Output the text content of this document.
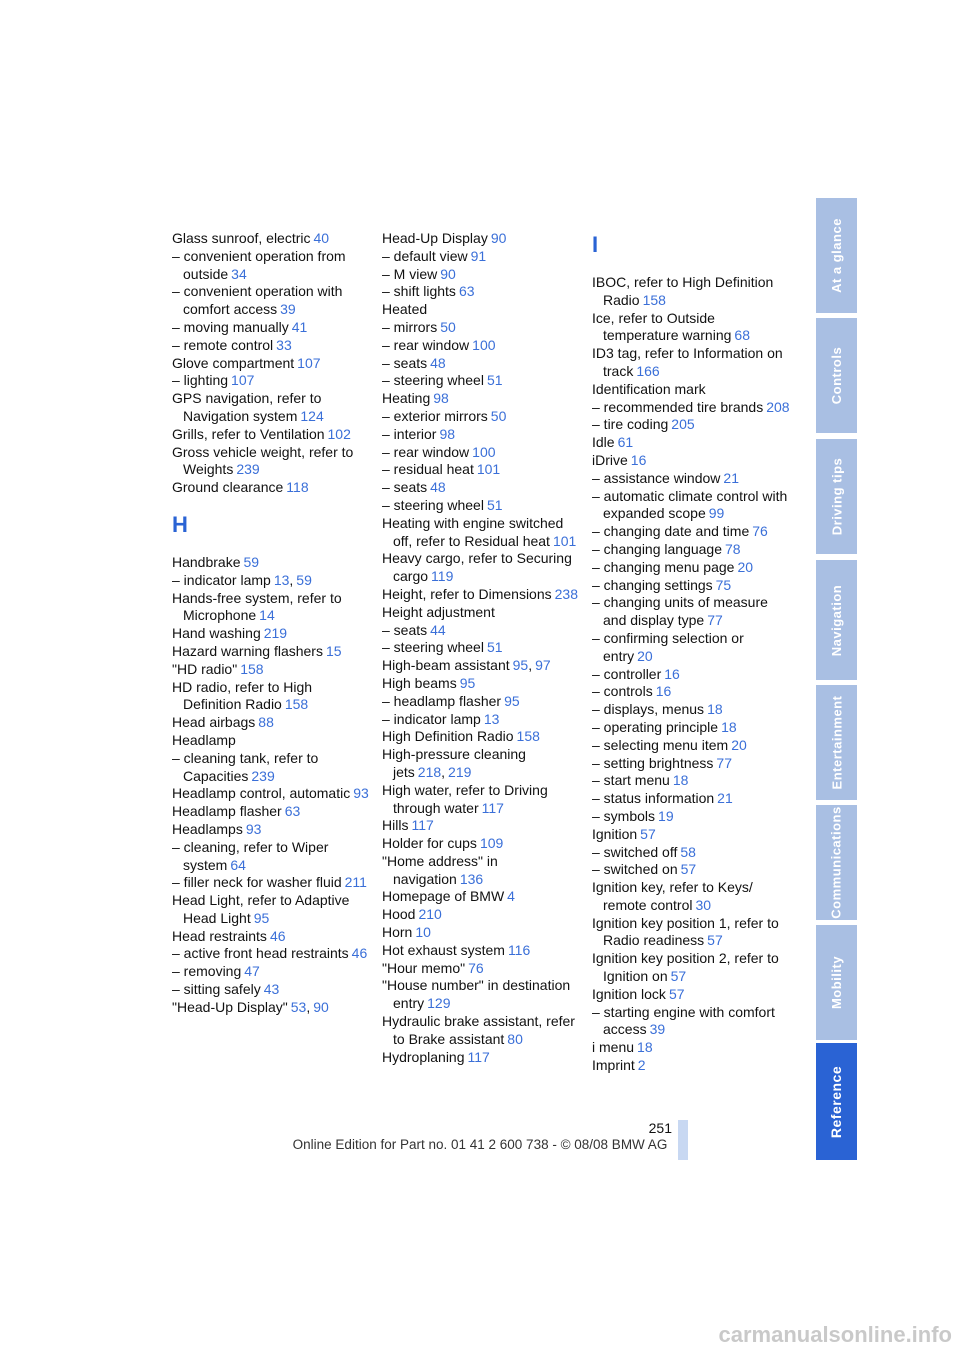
Glass sunroof, electric 40
– convenient operation from outside 34
– convenient operation with comfort access 39
– moving manually 41
– remote control 33
Glove compartment 107
– lighting 107
GPS navigation, refer to Navigation system 124
Grills, refer to Ventilation 102
Gross vehicle weight, refer to Weights 239
Ground clearance 118
H
Handbrake 59
– indicator lamp 13, 59
Hands-free system, refer to Microphone 14
Hand washing 219
Hazard warning flashers 15
"HD radio" 158
HD radio, refer to High Definition Radio 158
Head airbags 88
Headlamp
– cleaning tank, refer to Capacities 239
Headlamp control, automatic 93
Headlamp flasher 63
Headlamps 93
– cleaning, refer to Wiper system 64
– filler neck for washer fluid 211
Head Light, refer to Adaptive Head Light 95
Head restraints 46
– active front head restraints 46
– removing 47
– sitting safely 43
"Head-Up Display" 53, 90
Head-Up Display 90
– default view 91
– M view 90
– shift lights 63
Heated
– mirrors 50
– rear window 100
– seats 48
– steering wheel 51
Heating 98
– exterior mirrors 50
– interior 98
– rear window 100
– residual heat 101
– seats 48
– steering wheel 51
Heating with engine switched off, refer to Residual heat 101
Heavy cargo, refer to Securing cargo 119
Height, refer to Dimensions 238
Height adjustment
– seats 44
– steering wheel 51
High-beam assistant 95, 97
High beams 95
– headlamp flasher 95
– indicator lamp 13
High Definition Radio 158
High-pressure cleaning jets 218, 219
High water, refer to Driving through water 117
Hills 117
Holder for cups 109
"Home address" in navigation 136
Homepage of BMW 4
Hood 210
Horn 10
Hot exhaust system 116
"Hour memo" 76
"House number" in destination entry 129
Hydraulic brake assistant, refer to Brake assistant 80
Hydroplaning 117
I
IBOC, refer to High Definition Radio 158
Ice, refer to Outside temperature warning 68
ID3 tag, refer to Information on track 166
Identification mark
– recommended tire brands 208
– tire coding 205
Idle 61
iDrive 16
– assistance window 21
– automatic climate control with expanded scope 99
– changing date and time 76
– changing language 78
– changing menu page 20
– changing settings 75
– changing units of measure and display type 77
– confirming selection or entry 20
– controller 16
– controls 16
– displays, menus 18
– operating principle 18
– selecting menu item 20
– setting brightness 77
– start menu 18
– status information 21
– symbols 19
Ignition 57
– switched off 58
– switched on 57
Ignition key, refer to Keys/ remote control 30
Ignition key position 1, refer to Radio readiness 57
Ignition key position 2, refer to Ignition on 57
Ignition lock 57
– starting engine with comfort access 39
i menu 18
Imprint 2
At a glance
Controls
Driving tips
Navigation
Entertainment
Communications
Mobility
Reference
251
Online Edition for Part no. 01 41 2 600 738 - © 08/08 BMW AG
carmanualsonline.info
